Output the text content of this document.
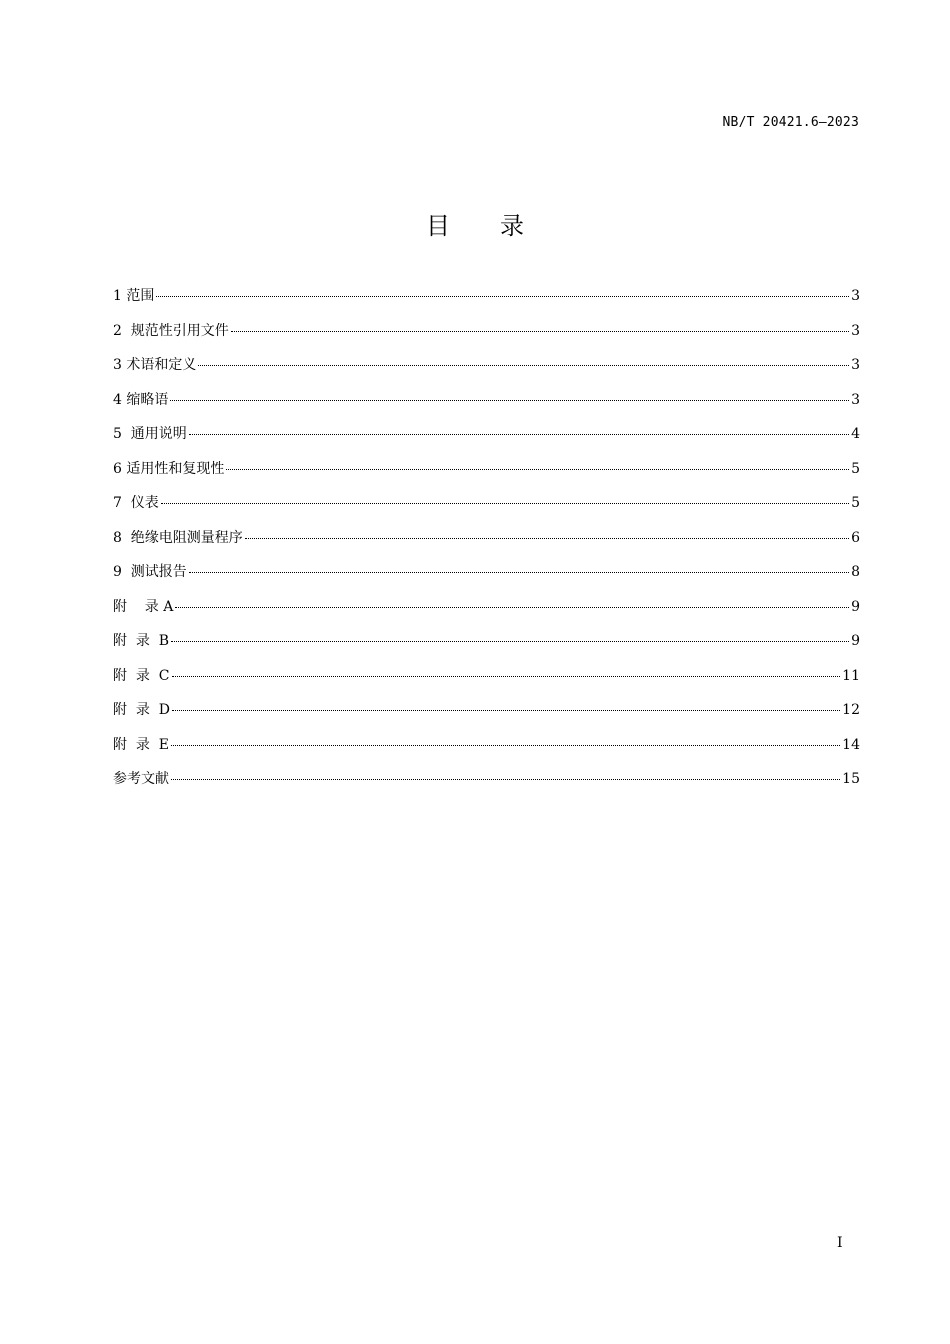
NB/T 20421.6—2023
目 录
1 范围	3
2  规范性引用文件	3
3 术语和定义	3
4 缩略语	3
5  通用说明	4
6 适用性和复现性	5
7  仪表	5
8  绝缘电阻测量程序	6
9  测试报告	8
附    录 A	9
附  录  B	9
附  录  C	11
附  录  D	12
附  录  E	14
参考文献	15
I
